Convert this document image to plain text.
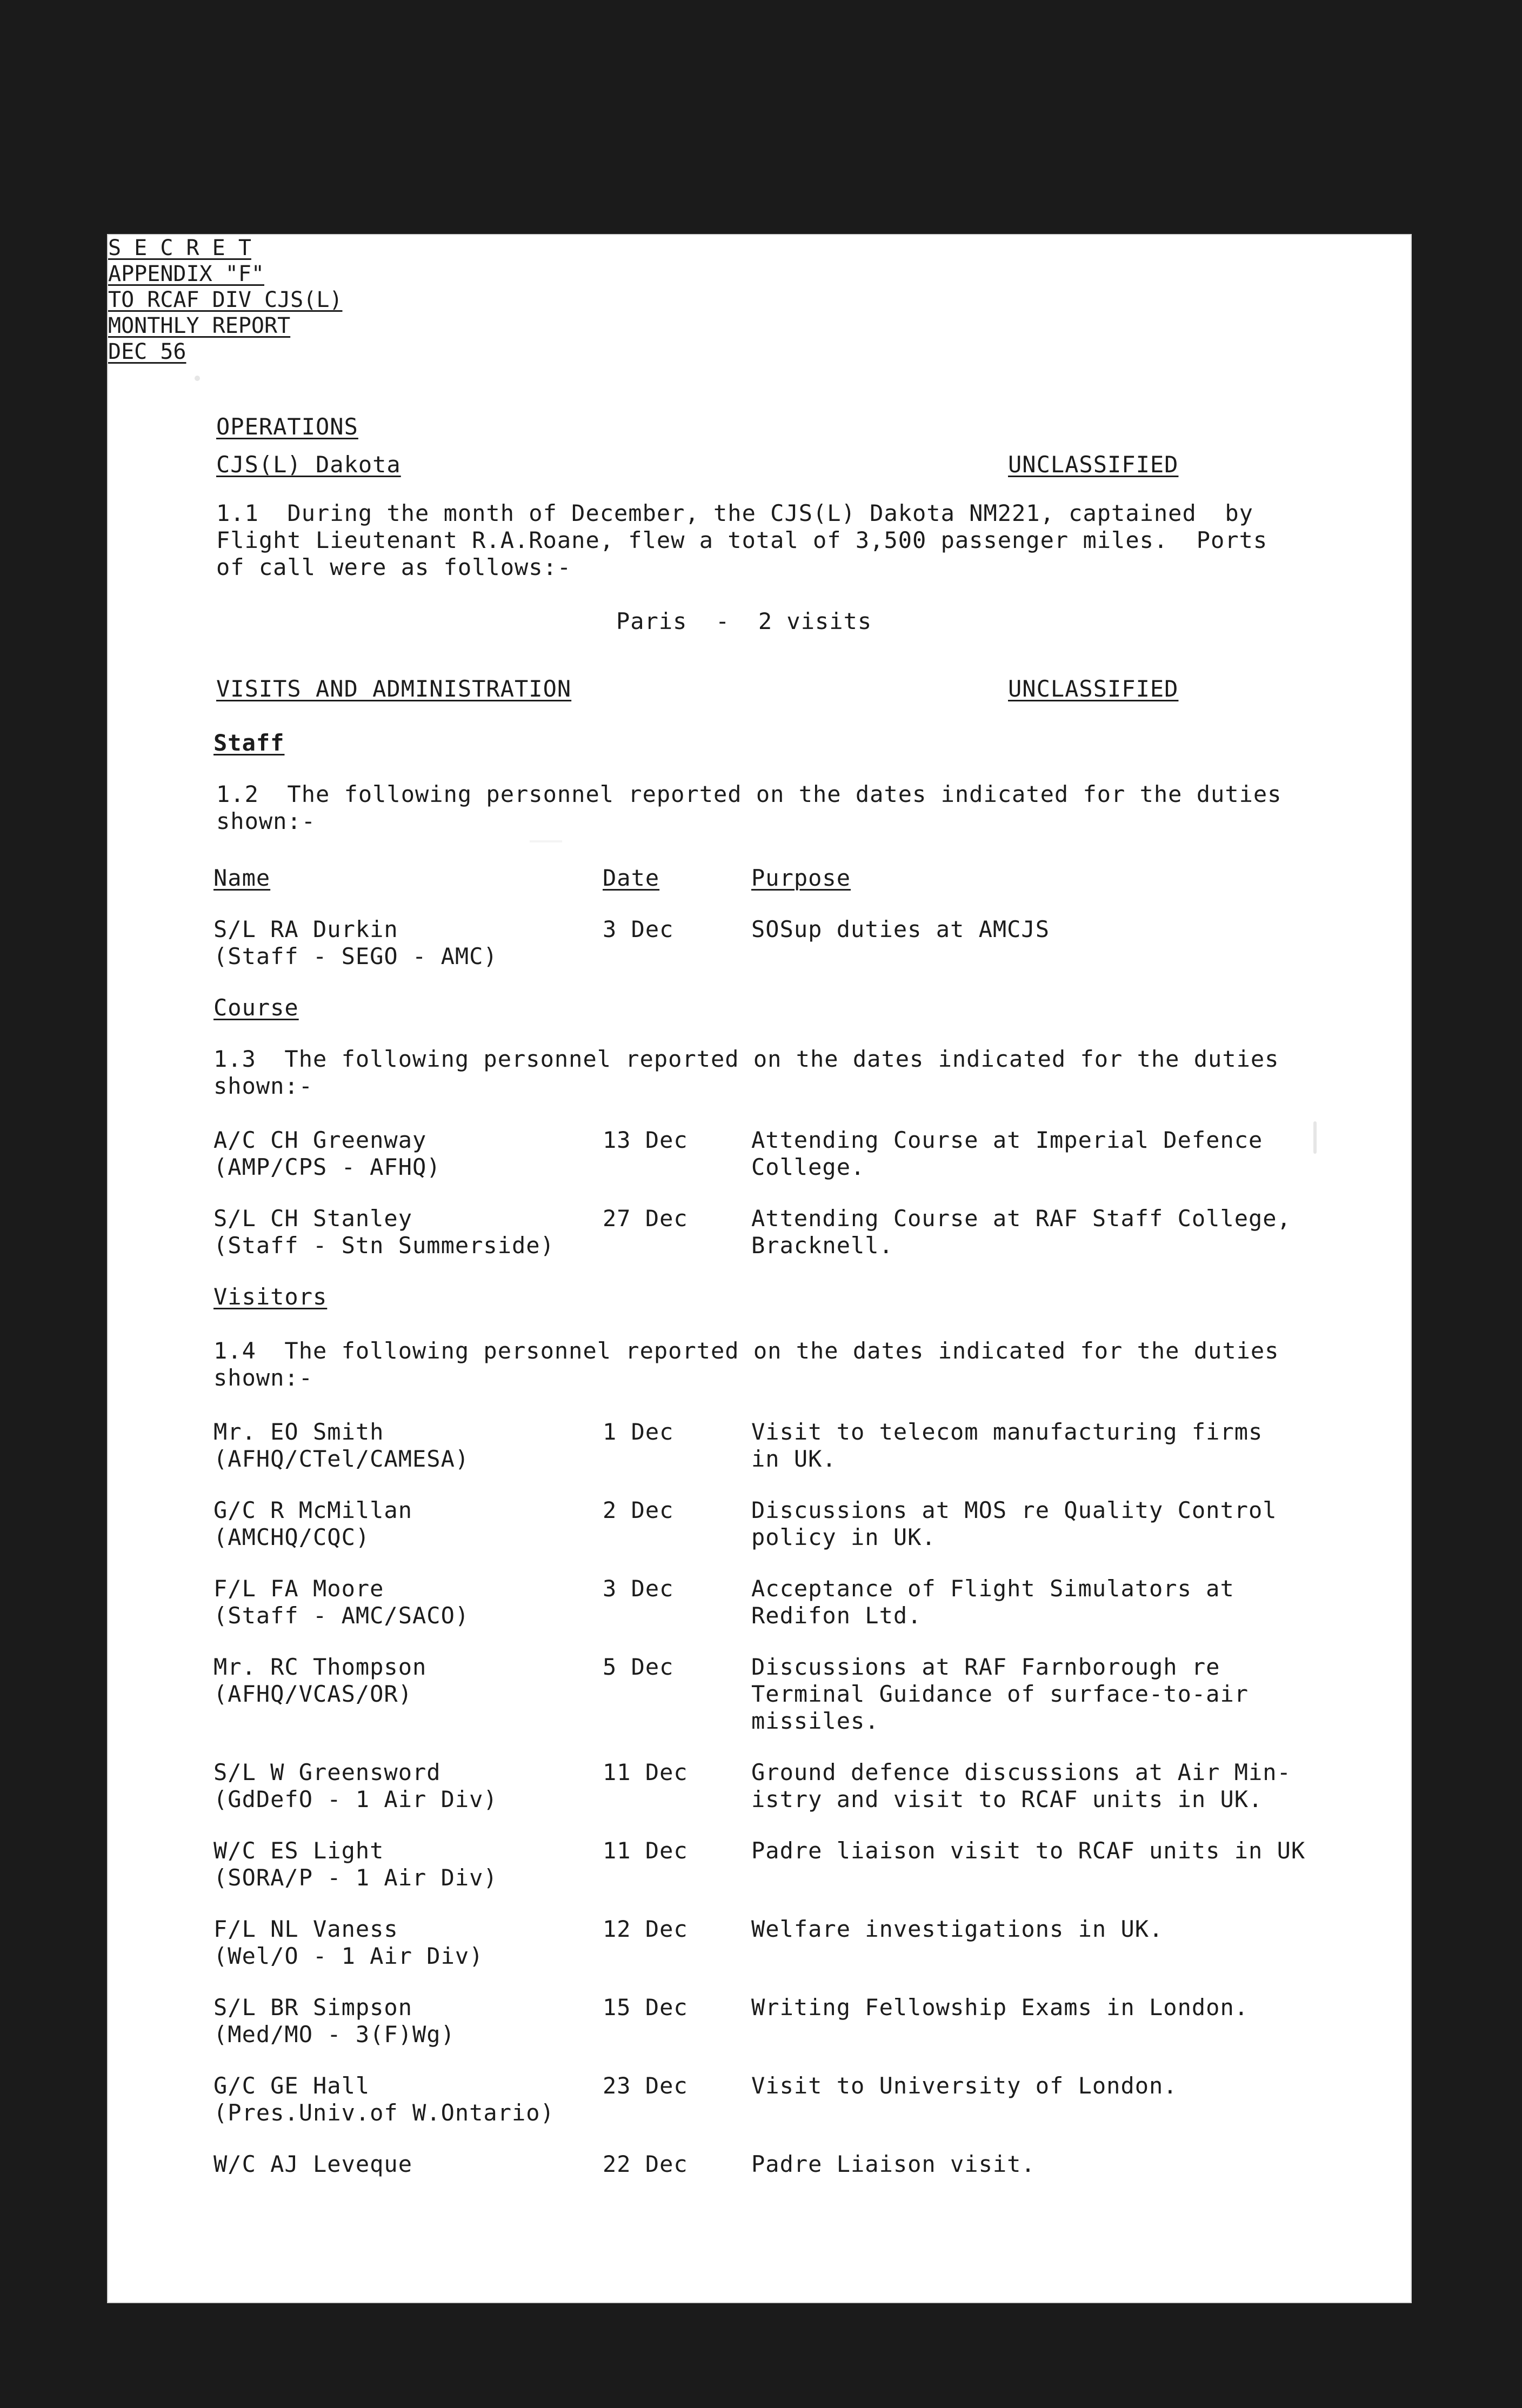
S E C R E T
APPENDIX "F"
TO RCAF DIV CJS(L)
MONTHLY REPORT
DEC 56
OPERATIONS
CJS(L) Dakota	UNCLASSIFIED
1.1  During the month of December, the CJS(L) Dakota NM221, captained  by
Flight Lieutenant R.A.Roane, flew a total of 3,500 passenger miles.  Ports
of call were as follows:-
Paris  -  2 visits
VISITS AND ADMINISTRATION	UNCLASSIFIED
Staff
1.2  The following personnel reported on the dates indicated for the duties
shown:-
Name	Date	Purpose
S/L RA Durkin
(Staff - SEGO - AMC)
3 Dec	SOSup duties at AMCJS
Course
1.3  The following personnel reported on the dates indicated for the duties
shown:-
A/C CH Greenway
(AMP/CPS - AFHQ)
13 Dec	Attending Course at Imperial Defence
College.
S/L CH Stanley
(Staff - Stn Summerside)
27 Dec	Attending Course at RAF Staff College,
Bracknell.
Visitors
1.4  The following personnel reported on the dates indicated for the duties
shown:-
Mr. EO Smith
(AFHQ/CTel/CAMESA)
1 Dec	Visit to telecom manufacturing firms
in UK.
G/C R McMillan
(AMCHQ/CQC)
2 Dec	Discussions at MOS re Quality Control
policy in UK.
F/L FA Moore
(Staff - AMC/SACO)
3 Dec	Acceptance of Flight Simulators at
Redifon Ltd.
Mr. RC Thompson
(AFHQ/VCAS/OR)
5 Dec	Discussions at RAF Farnborough re
Terminal Guidance of surface-to-air
missiles.
S/L W Greensword
(GdDefO - 1 Air Div)
11 Dec	Ground defence discussions at Air Min-
istry and visit to RCAF units in UK.
W/C ES Light
(SORA/P - 1 Air Div)
11 Dec	Padre liaison visit to RCAF units in UK
F/L NL Vaness
(Wel/O - 1 Air Div)
12 Dec	Welfare investigations in UK.
S/L BR Simpson
(Med/MO - 3(F)Wg)
15 Dec	Writing Fellowship Exams in London.
G/C GE Hall
(Pres.Univ.of W.Ontario)
23 Dec	Visit to University of London.
W/C AJ Leveque	22 Dec	Padre Liaison visit.
